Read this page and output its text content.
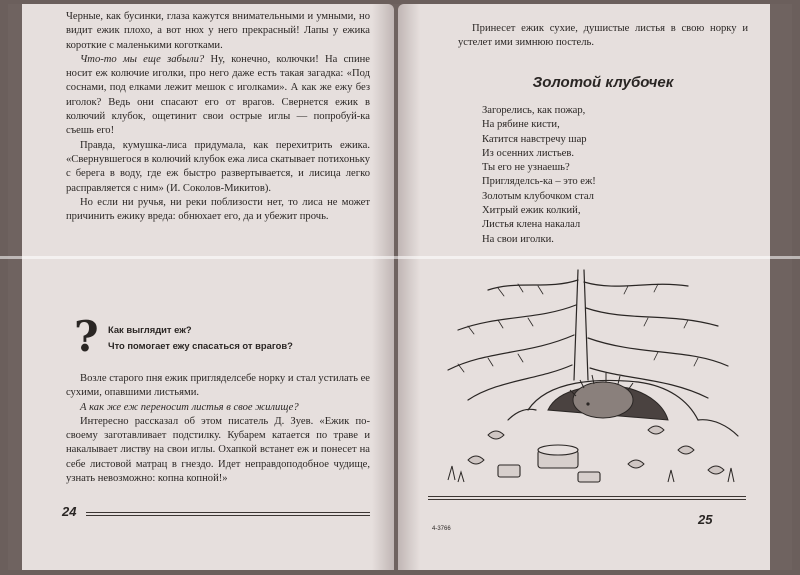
Черные, как бусинки, глаза кажутся внимательными и умными, но видит ежик плохо, а вот нюх у него прекрасный! Лапы у ежика короткие с маленькими коготками.

Что-то мы еще забыли? Ну, конечно, колючки! На спине носит еж колючие иголки, про него даже есть такая загадка: «Под соснами, под елками лежит мешок с иголками». А как же ежу без иголок? Ведь они спасают его от врагов. Свернется ежик в колючий клубок, ощетинит свои острые иглы — попробуй-ка съешь его!

Правда, кумушка-лиса придумала, как перехитрить ежика. «Свернувшегося в колючий клубок ежа лиса скатывает потихоньку с берега в воду, где еж быстро развертывается, и лисица легко расправляется с ним» (И. Соколов-Микитов).

Но если ни ручья, ни реки поблизости нет, то лиса не может причинить ежику вреда: обнюхает его, да и убежит прочь.

? Как выглядит еж?
Что помогает ежу спасаться от врагов?

Возле старого пня ежик пригляделсебе норку и стал устилать ее сухими, опавшими листьями.

А как же еж переносит листья в свое жилище?

Интересно рассказал об этом писатель Д. Зуев. «Ежик по-своему заготавливает подстилку. Кубарем катается по траве и накалывает листву на свои иглы. Охапкой встанет еж и понесет на себе листовой матрац в гнездо. Идет неправдоподобное чудище, узнать невозможно: копна копной!»

24

Принесет ежик сухие, душистые листья в свою норку и устелет ими зимнюю постель.

Золотой клубочек
Загорелись, как пожар,
На рябине кисти,
Катится навстречу шар
Из осенних листьев.
Ты его не узнаешь?
Пригляделсь-ка – это еж!
Золотым клубочком стал
Хитрый ежик колкий,
Листья клена накалал
На свои иголки.
4-3766
25
